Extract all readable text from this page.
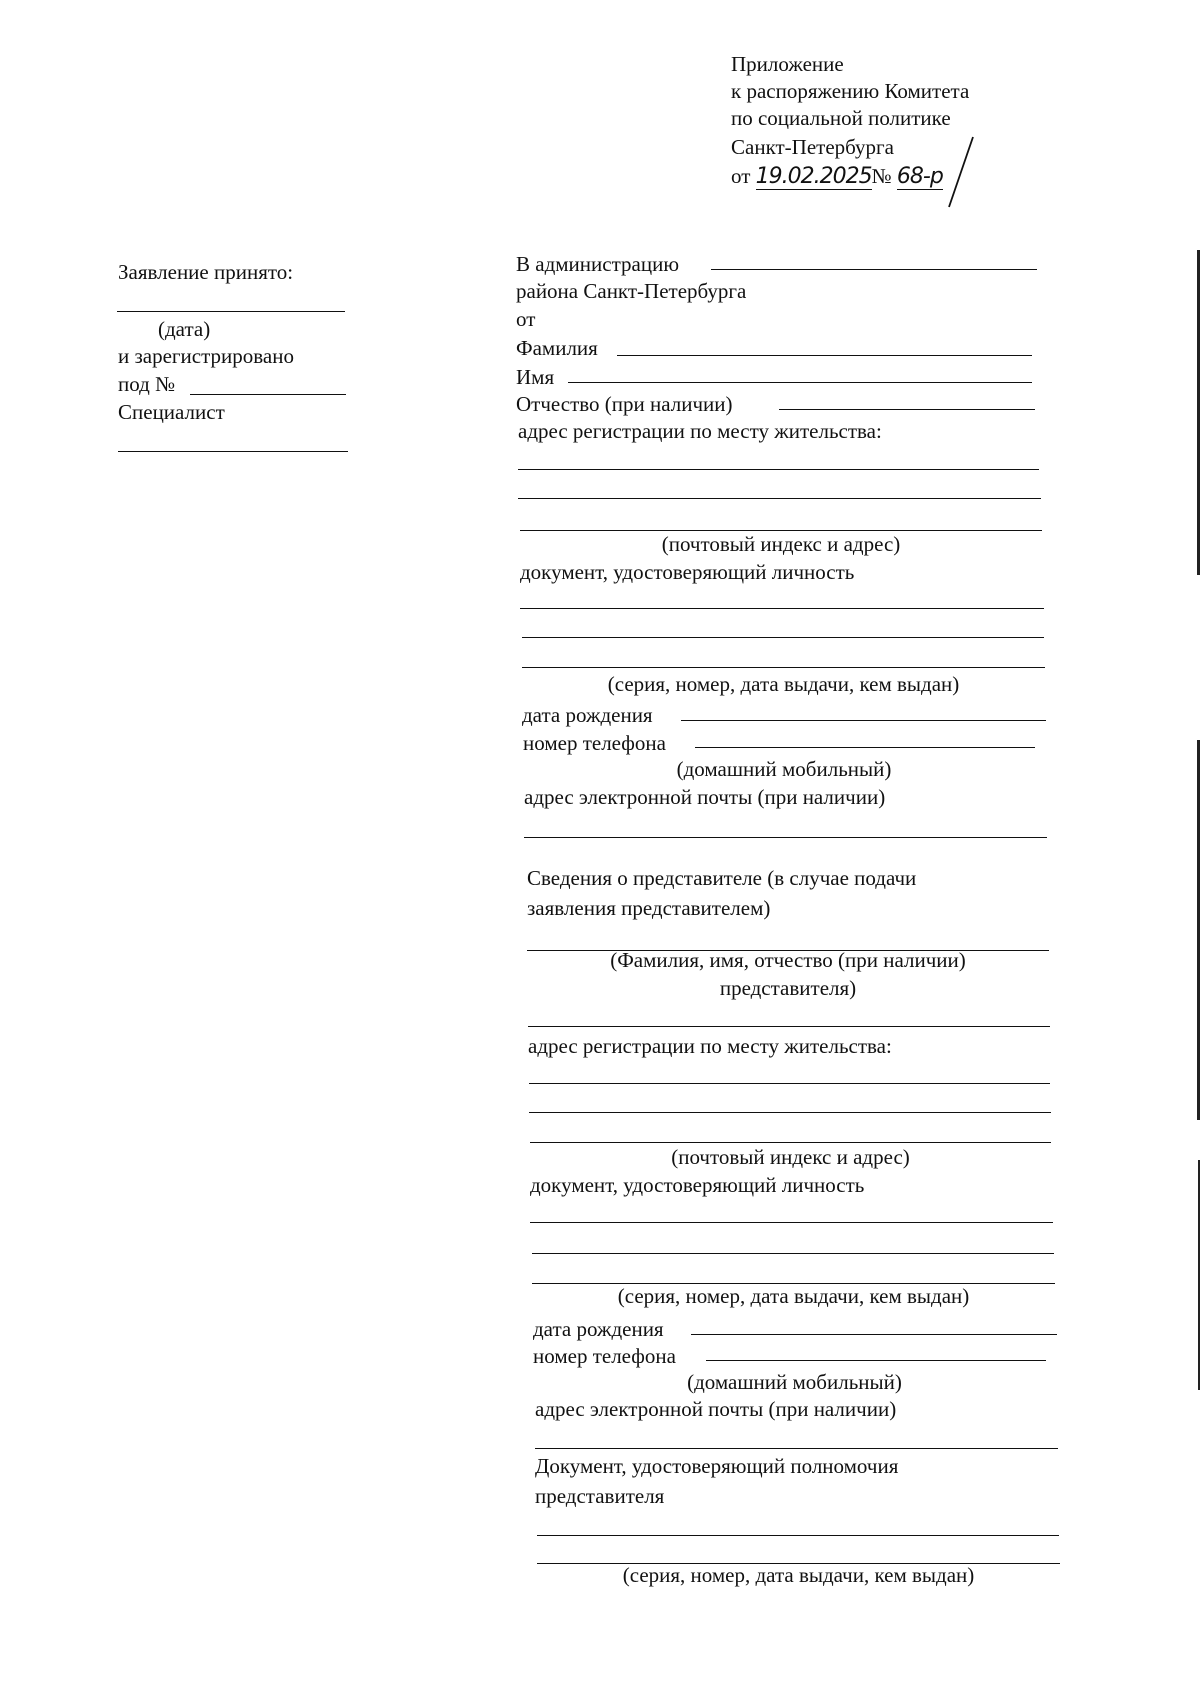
Приложение
к распоряжению Комитета
по социальной политике
Санкт-Петербурга
от 19.02.2025№ 68-р
Заявление принято:
(дата)
и зарегистрировано
под №
Специалист
В администрацию
района Санкт-Петербурга
от
Фамилия
Имя
Отчество (при наличии)
адрес регистрации по месту жительства:
(почтовый индекс и адрес)
документ, удостоверяющий личность
(серия, номер, дата выдачи, кем выдан)
дата рождения
номер телефона
(домашний мобильный)
адрес электронной почты (при наличии)
Сведения о представителе (в случае подачи
заявления представителем)
(Фамилия, имя, отчество (при наличии)
представителя)
адрес регистрации по месту жительства:
(почтовый индекс и адрес)
документ, удостоверяющий личность
(серия, номер, дата выдачи, кем выдан)
дата рождения
номер телефона
(домашний мобильный)
адрес электронной почты (при наличии)
Документ, удостоверяющий полномочия
представителя
(серия, номер, дата выдачи, кем выдан)
